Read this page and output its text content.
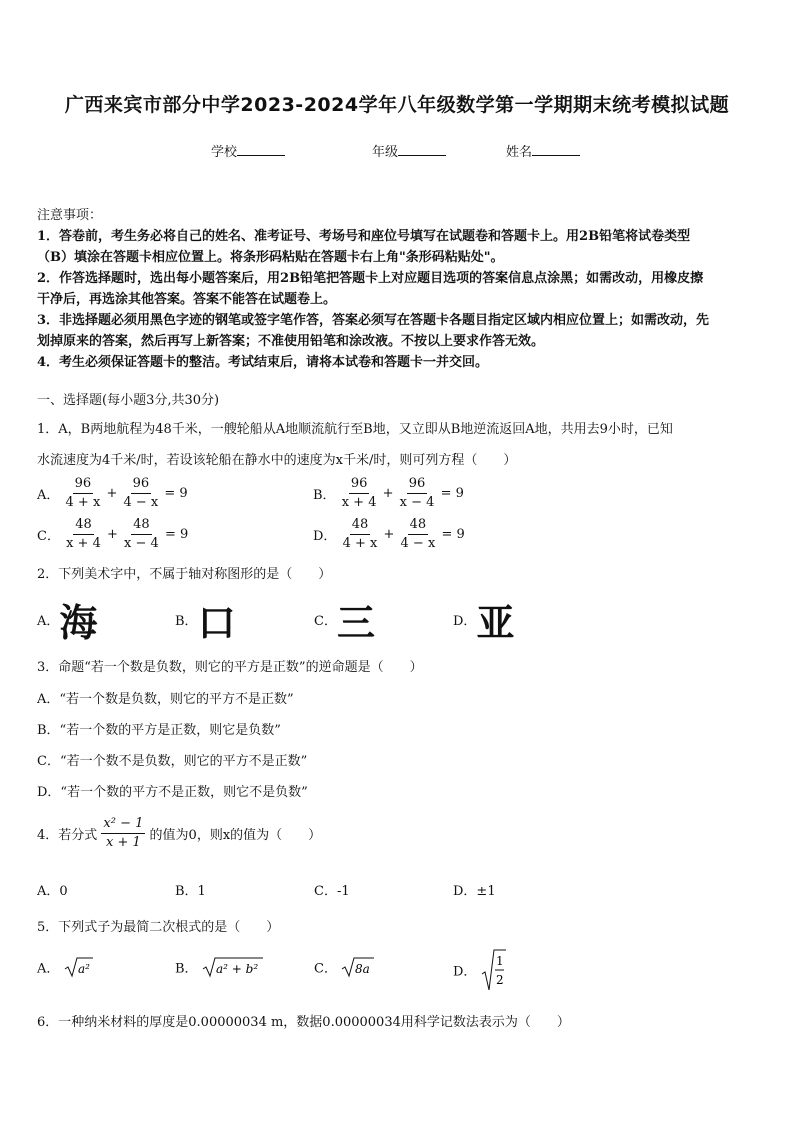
广西来宾市部分中学2023-2024学年八年级数学第一学期期末统考模拟试题
学校	年级	姓名
注意事项：
1．答卷前，考生务必将自己的姓名、准考证号、考场号和座位号填写在试题卷和答题卡上。用2B铅笔将试卷类型
（B）填涂在答题卡相应位置上。将条形码粘贴在答题卡右上角"条形码粘贴处"。
2．作答选择题时，选出每小题答案后，用2B铅笔把答题卡上对应题目选项的答案信息点涂黑；如需改动，用橡皮擦
干净后，再选涂其他答案。答案不能答在试题卷上。
3．非选择题必须用黑色字迹的钢笔或签字笔作答，答案必须写在答题卡各题目指定区域内相应位置上；如需改动，先
划掉原来的答案，然后再写上新答案；不准使用铅笔和涂改液。不按以上要求作答无效。
4．考生必须保证答题卡的整洁。考试结束后，请将本试卷和答题卡一并交回。
一、选择题(每小题3分,共30分)
1．A，B两地航程为48千米，一艘轮船从A地顺流航行至B地，又立即从B地逆流返回A地，共用去9小时，已知
水流速度为4千米/时，若设该轮船在静水中的速度为x千米/时，则可列方程（　　）
A． $\frac{96}{4 + x} + \frac{96}{4 - x} = 9$	B． $\frac{96}{x + 4} + \frac{96}{x - 4} = 9$
C． $\frac{48}{x + 4} + \frac{48}{x - 4} = 9$	D． $\frac{48}{4 + x} + \frac{48}{4 - x} = 9$
2．下列美术字中，不属于轴对称图形的是（　　）
A．海	B．口	C．三	D．亚
3．命题“若一个数是负数，则它的平方是正数”的逆命题是（　　）
A．“若一个数是负数，则它的平方不是正数”
B．“若一个数的平方是正数，则它是负数”
C．“若一个数不是负数，则它的平方不是正数”
D．“若一个数的平方不是正数，则它不是负数”
4．若分式 $\frac{\text{x² − 1}}{x + 1}$ 的值为0，则x的值为（　　）
A．0	B．1	C．-1	D．±1
5．下列式子为最简二次根式的是（　　）
A． a²	B． a² + b²	C． 8a	D．
1
2
6．一种纳米材料的厚度是0.00000034 m，数据0.00000034用科学记数法表示为（　　）
